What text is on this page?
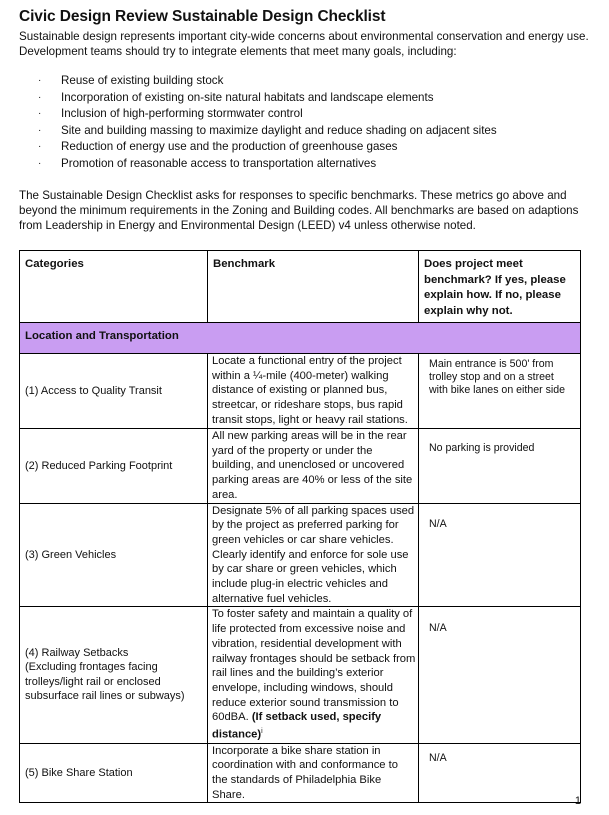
Civic Design Review Sustainable Design Checklist

Sustainable design represents important city-wide concerns about environmental conservation and energy use. Development teams should try to integrate elements that meet many goals, including:

· Reuse of existing building stock
· Incorporation of existing on-site natural habitats and landscape elements
· Inclusion of high-performing stormwater control
· Site and building massing to maximize daylight and reduce shading on adjacent sites
· Reduction of energy use and the production of greenhouse gases
· Promotion of reasonable access to transportation alternatives

The Sustainable Design Checklist asks for responses to specific benchmarks. These metrics go above and beyond the minimum requirements in the Zoning and Building codes. All benchmarks are based on adaptions from Leadership in Energy and Environmental Design (LEED) v4 unless otherwise noted.

Categories	Benchmark	Does project meet benchmark? If yes, please explain how. If no, please explain why not.

Location and Transportation		

(1) Access to Quality Transit	Locate a functional entry of the project within a ¼-mile (400-meter) walking distance of existing or planned bus, streetcar, or rideshare stops, bus rapid transit stops, light or heavy rail stations.	Main entrance is 500' from trolley stop and on a street with bike lanes on either side

(2) Reduced Parking Footprint	All new parking areas will be in the rear yard of the property or under the building, and unenclosed or uncovered parking areas are 40% or less of the site area.	No parking is provided

(3) Green Vehicles	Designate 5% of all parking spaces used by the project as preferred parking for green vehicles or car share vehicles. Clearly identify and enforce for sole use by car share or green vehicles, which include plug-in electric vehicles and alternative fuel vehicles.	N/A

(4) Railway Setbacks
(Excluding frontages facing trolleys/light rail or enclosed subsurface rail lines or subways)	To foster safety and maintain a quality of life protected from excessive noise and vibration, residential development with railway frontages should be setback from rail lines and the building’s exterior envelope, including windows, should reduce exterior sound transmission to 60dBA. (If setback used, specify distance)$^i$	N/A

(5) Bike Share Station	Incorporate a bike share station in coordination with and conformance to the standards of Philadelphia Bike Share.	N/A
1
